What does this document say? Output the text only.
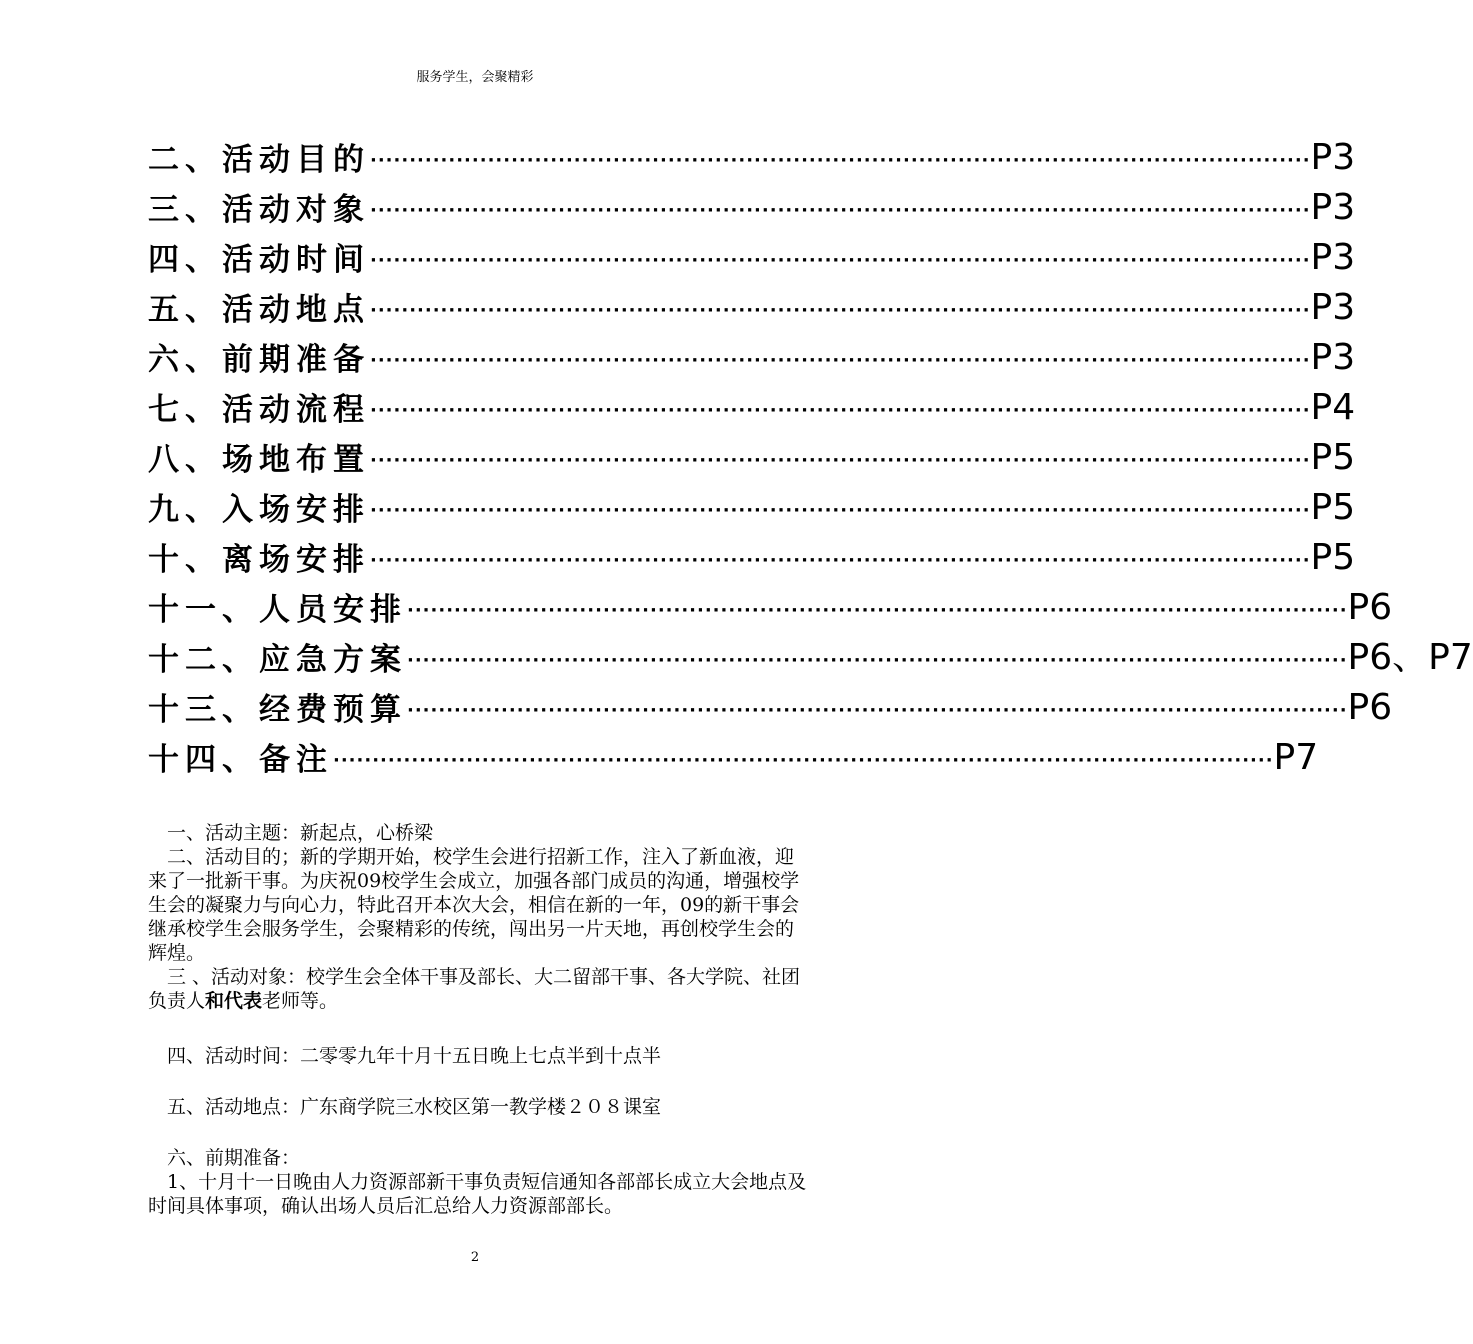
服务学生，会聚精彩
二、活动目的 ························································································································ P3
三、活动对象 ························································································································ P3
四、活动时间 ························································································································ P3
五、活动地点 ························································································································ P3
六、前期准备 ························································································································ P3
七、活动流程 ························································································································ P4
八、场地布置 ························································································································ P5
九、入场安排 ························································································································ P5
十、离场安排 ························································································································ P5
十一、人员安排 ························································································································ P6
十二、应急方案 ························································································································ P6、P7
十三、经费预算 ························································································································ P6
十四、备注 ························································································································ P7
一、活动主题：新起点，心桥梁
二、活动目的；新的学期开始，校学生会进行招新工作，注入了新血液，迎来了一批新干事。为庆祝09校学生会成立，加强各部门成员的沟通，增强校学生会的凝聚力与向心力，特此召开本次大会，相信在新的一年，09的新干事会继承校学生会服务学生，会聚精彩的传统，闯出另一片天地，再创校学生会的辉煌。
三 、活动对象：校学生会全体干事及部长、大二留部干事、各大学院、社团负责人和代表老师等。
四、活动时间：二零零九年十月十五日晚上七点半到十点半
五、活动地点：广东商学院三水校区第一教学楼２０８课室
六、前期准备：
1、十月十一日晚由人力资源部新干事负责短信通知各部部长成立大会地点及时间具体事项，确认出场人员后汇总给人力资源部部长。
2
